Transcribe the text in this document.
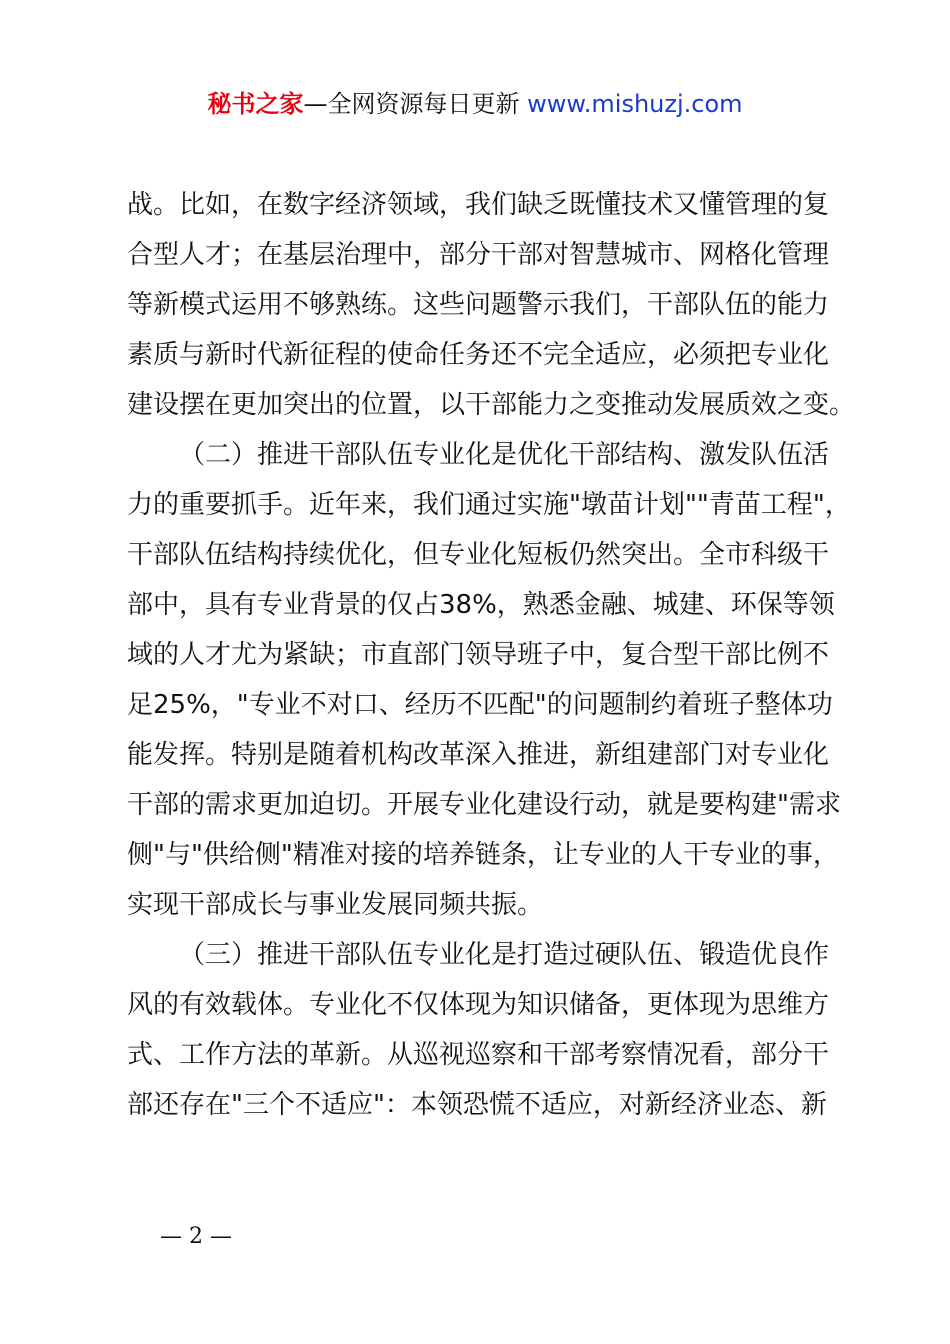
秘书之家—全网资源每日更新 www.mishuzj.com
战。比如，在数字经济领域，我们缺乏既懂技术又懂管理的复
合型人才；在基层治理中，部分干部对智慧城市、网格化管理
等新模式运用不够熟练。这些问题警示我们，干部队伍的能力
素质与新时代新征程的使命任务还不完全适应，必须把专业化
建设摆在更加突出的位置，以干部能力之变推动发展质效之变。
（二）推进干部队伍专业化是优化干部结构、激发队伍活
力的重要抓手。近年来，我们通过实施"墩苗计划""青苗工程"，
干部队伍结构持续优化，但专业化短板仍然突出。全市科级干
部中，具有专业背景的仅占38%，熟悉金融、城建、环保等领
域的人才尤为紧缺；市直部门领导班子中，复合型干部比例不
足25%，"专业不对口、经历不匹配"的问题制约着班子整体功
能发挥。特别是随着机构改革深入推进，新组建部门对专业化
干部的需求更加迫切。开展专业化建设行动，就是要构建"需求
侧"与"供给侧"精准对接的培养链条，让专业的人干专业的事，
实现干部成长与事业发展同频共振。
（三）推进干部队伍专业化是打造过硬队伍、锻造优良作
风的有效载体。专业化不仅体现为知识储备，更体现为思维方
式、工作方法的革新。从巡视巡察和干部考察情况看，部分干
部还存在"三个不适应"：本领恐慌不适应，对新经济业态、新
— 2 —
